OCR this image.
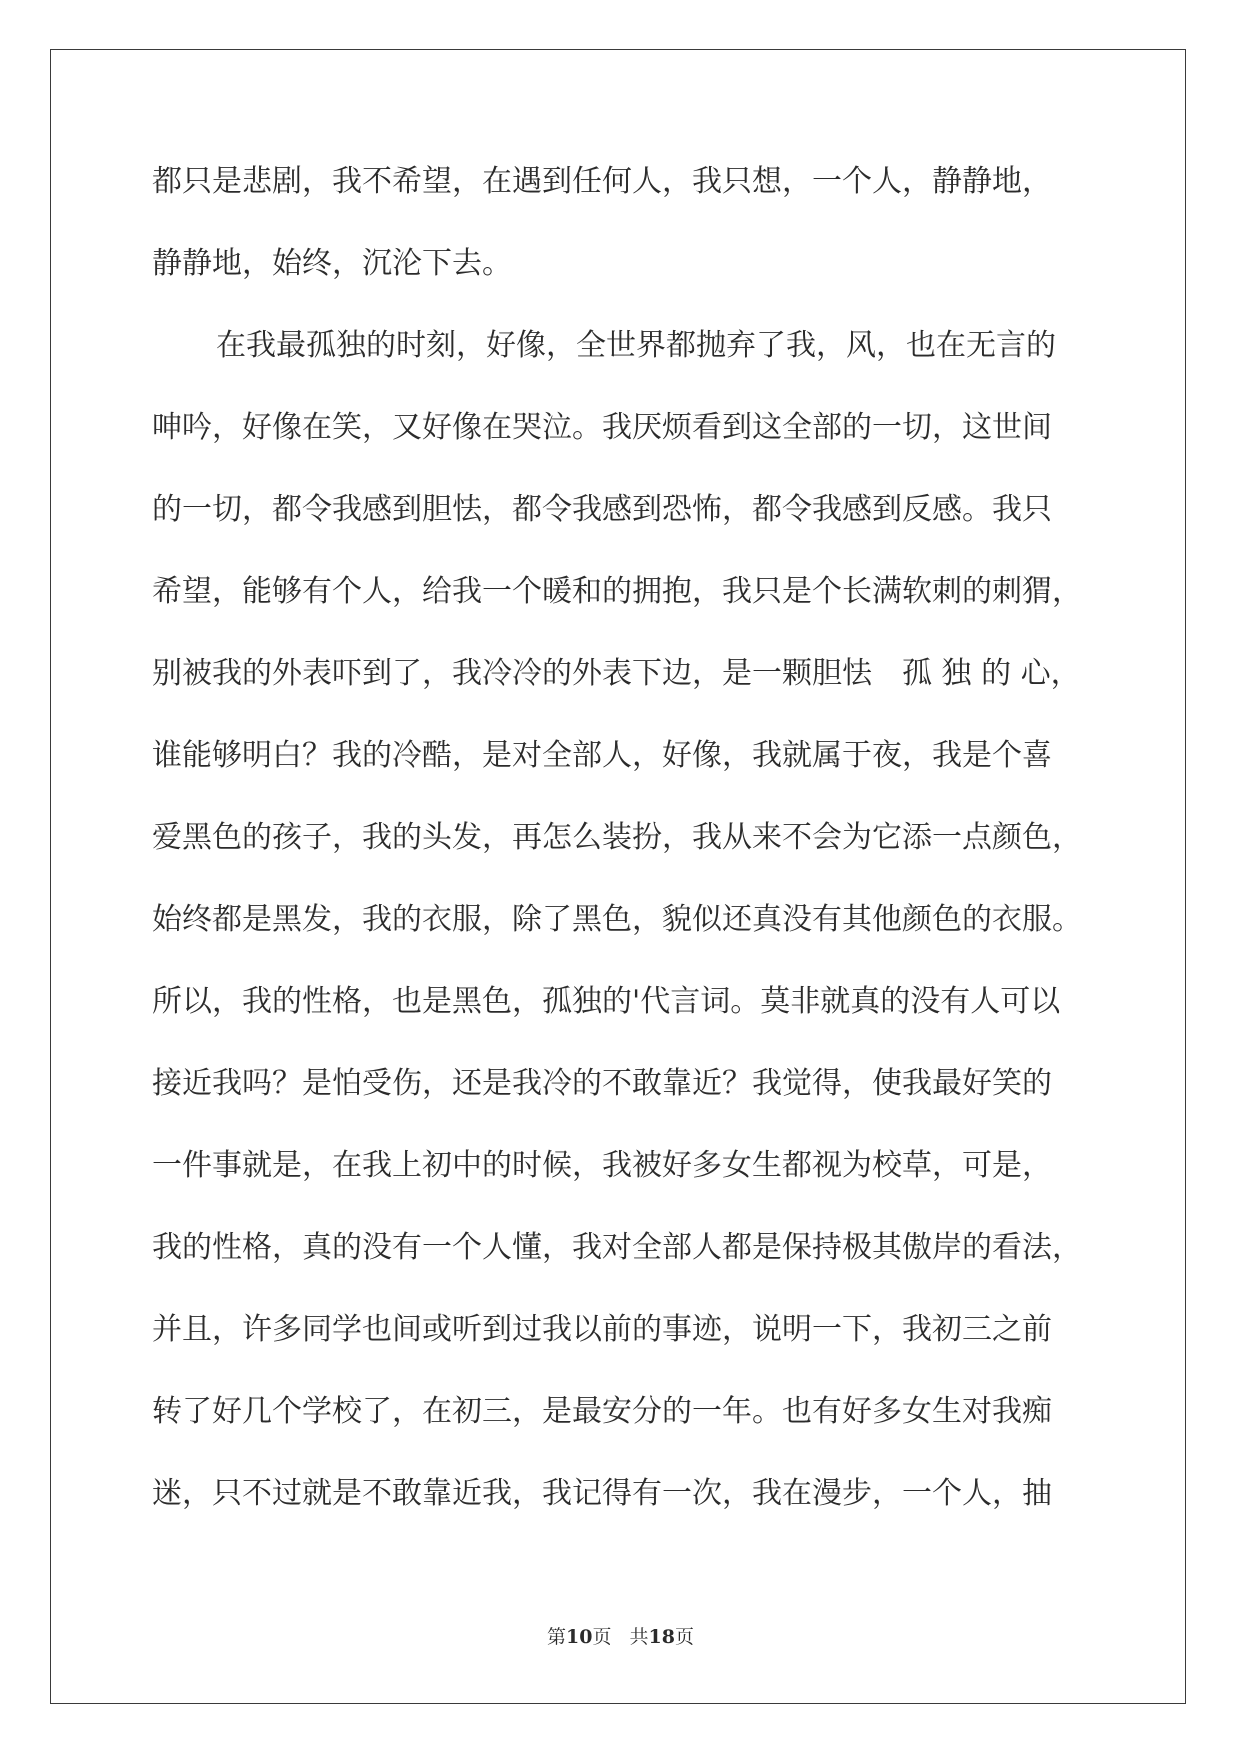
都只是悲剧，我不希望，在遇到任何人，我只想，一个人，静静地，
静静地，始终，沉沦下去。
在我最孤独的时刻，好像，全世界都抛弃了我，风，也在无言的
呻吟，好像在笑，又好像在哭泣。我厌烦看到这全部的一切，这世间
的一切，都令我感到胆怯，都令我感到恐怖，都令我感到反感。我只
希望，能够有个人，给我一个暖和的拥抱，我只是个长满软刺的刺猬，
别被我的外表吓到了，我冷冷的外表下边，是一颗胆怯　孤 独 的 心，
谁能够明白？我的冷酷，是对全部人，好像，我就属于夜，我是个喜
爱黑色的孩子，我的头发，再怎么装扮，我从来不会为它添一点颜色，
始终都是黑发，我的衣服，除了黑色，貌似还真没有其他颜色的衣服。
所以，我的性格，也是黑色，孤独的'代言词。莫非就真的没有人可以
接近我吗？是怕受伤，还是我冷的不敢靠近？我觉得，使我最好笑的
一件事就是，在我上初中的时候，我被好多女生都视为校草，可是，
我的性格，真的没有一个人懂，我对全部人都是保持极其傲岸的看法，
并且，许多同学也间或听到过我以前的事迹，说明一下，我初三之前
转了好几个学校了，在初三，是最安分的一年。也有好多女生对我痴
迷，只不过就是不敢靠近我，我记得有一次，我在漫步，一个人，抽
第10页 共18页
